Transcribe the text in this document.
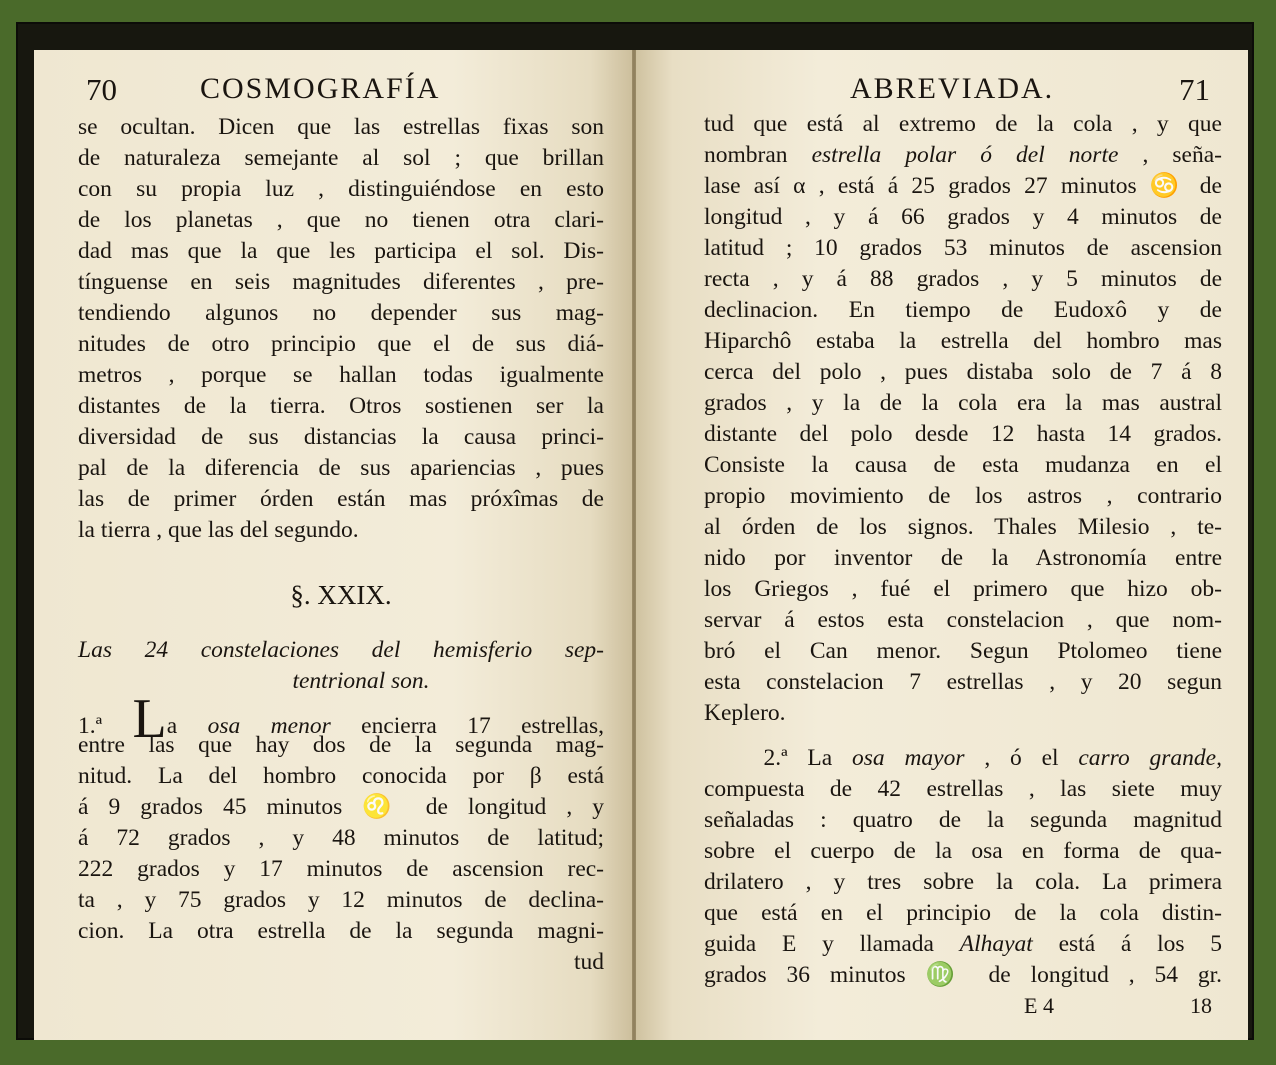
70	COSMOGRAFÍA
se ocultan. Dicen que las estrellas fixas son
de naturaleza semejante al sol ; que brillan
con su propia luz , distinguiéndose en esto
de los planetas , que no tienen otra clari-
dad mas que la que les participa el sol. Dis-
tínguense en seis magnitudes diferentes , pre-
tendiendo algunos no depender sus mag-
nitudes de otro principio que el de sus diá-
metros , porque se hallan todas igualmente
distantes de la tierra. Otros sostienen ser la
diversidad de sus distancias la causa princi-
pal de la diferencia de sus apariencias , pues
las de primer órden están mas próxîmas de
la tierra , que las del segundo.
§. XXIX.
Las 24 constelaciones del hemisferio sep-
tentrional son.
1.ª La osa menor encierra 17 estrellas,
entre las que hay dos de la segunda mag-
nitud. La del hombro conocida por β está
á 9 grados 45 minutos ♌ de longitud , y
á 72 grados , y 48 minutos de latitud;
222 grados y 17 minutos de ascension rec-
ta , y 75 grados y 12 minutos de declina-
cion. La otra estrella de la segunda magni-
tud
ABREVIADA.	71
tud que está al extremo de la cola , y que
nombran estrella polar ó del norte , seña-
lase así α , está á 25 grados 27 minutos ♋ de
longitud , y á 66 grados y 4 minutos de
latitud ; 10 grados 53 minutos de ascension
recta , y á 88 grados , y 5 minutos de
declinacion. En tiempo de Eudoxô y de
Hiparchô estaba la estrella del hombro mas
cerca del polo , pues distaba solo de 7 á 8
grados , y la de la cola era la mas austral
distante del polo desde 12 hasta 14 grados.
Consiste la causa de esta mudanza en el
propio movimiento de los astros , contrario
al órden de los signos. Thales Milesio , te-
nido por inventor de la Astronomía entre
los Griegos , fué el primero que hizo ob-
servar á estos esta constelacion , que nom-
bró el Can menor. Segun Ptolomeo tiene
esta constelacion 7 estrellas , y 20 segun
Keplero.
2.ª La osa mayor , ó el carro grande,
compuesta de 42 estrellas , las siete muy
señaladas : quatro de la segunda magnitud
sobre el cuerpo de la osa en forma de qua-
drilatero , y tres sobre la cola. La primera
que está en el principio de la cola distin-
guida E y llamada Alhayat está á los 5
grados 36 minutos ♍ de longitud , 54 gr.
E 4	18
